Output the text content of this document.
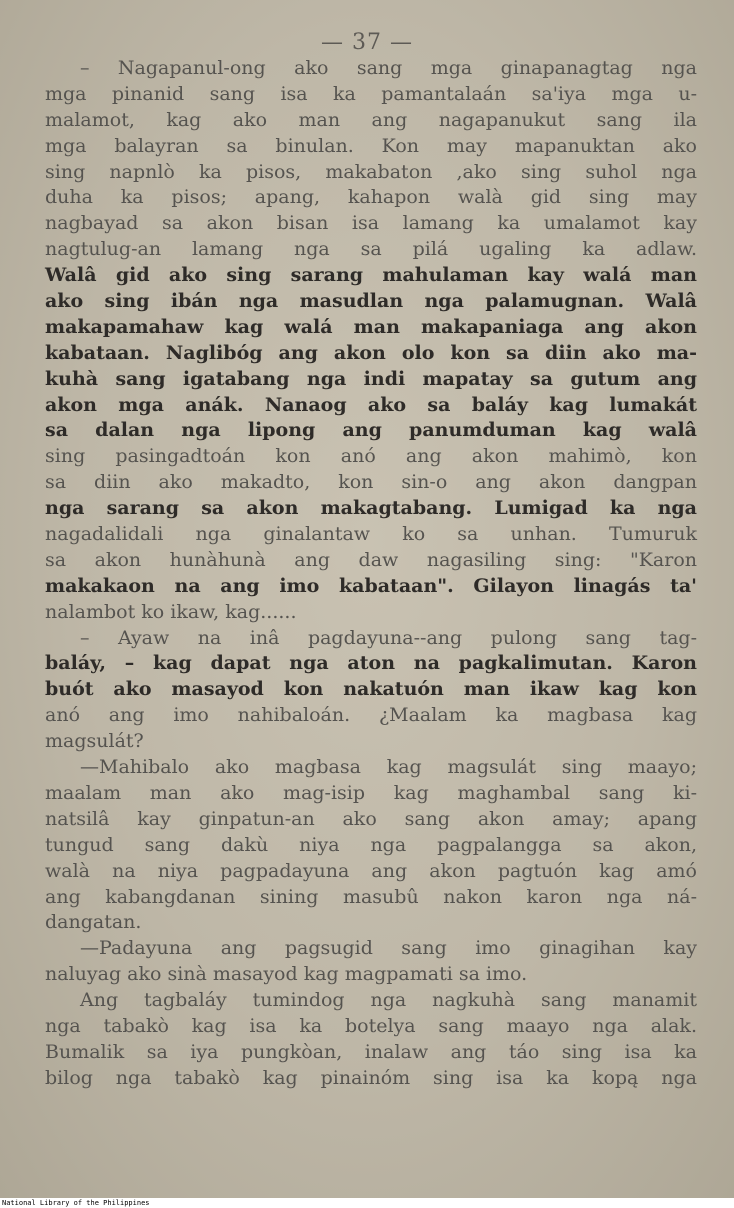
— 37 —
– Nagapanul-ong ako sang mga ginapanagtag nga
mga pinanid sang isa ka pamantalaán sa'iya mga u-
malamot, kag ako man ang nagapanukut sang ila
mga balayran sa binulan. Kon may mapanuktan ako
sing napnlò ka pisos, makabaton ,ako sing suhol nga
duha ka pisos; apang, kahapon walà gid sing may
nagbayad sa akon bisan isa lamang ka umalamot kay
nagtulug-an lamang nga sa pilá ugaling ka adlaw.
Walâ gid ako sing sarang mahulaman kay walá man
ako sing ibán nga masudlan nga palamugnan. Walâ
makapamahaw kag walá man makapaniaga ang akon
kabataan. Naglibóg ang akon olo kon sa diin ako ma-
kuhà sang igatabang nga indi mapatay sa gutum ang
akon mga anák. Nanaog ako sa baláy kag lumakát
sa dalan nga lipong ang panumduman kag walâ
sing pasingadtoán kon anó ang akon mahimò, kon
sa diin ako makadto, kon sin-o ang akon dangpan
nga sarang sa akon makagtabang. Lumigad ka nga
nagadalidali nga ginalantaw ko sa unhan. Tumuruk
sa akon hunàhunà ang daw nagasiling sing: "Karon
makakaon na ang imo kabataan". Gilayon linagás ta'
nalambot ko ikaw, kag......
– Ayaw na inâ pagdayuna--ang pulong sang tag-
baláy, – kag dapat nga aton na pagkalimutan. Karon
buót ako masayod kon nakatuón man ikaw kag kon
anó ang imo nahibaloán. ¿Maalam ka magbasa kag
magsulát?
—Mahibalo ako magbasa kag magsulát sing maayo;
maalam man ako mag-isip kag maghambal sang ki-
natsilâ kay ginpatun-an ako sang akon amay; apang
tungud sang dakù niya nga pagpalangga sa akon,
walà na niya pagpadayuna ang akon pagtuón kag amó
ang kabangdanan sining masubû nakon karon nga ná-
dangatan.
—Padayuna ang pagsugid sang imo ginagihan kay
naluyag ako sinà masayod kag magpamati sa imo.
Ang tagbaláy tumindog nga nagkuhà sang manamit
nga tabakò kag isa ka botelya sang maayo nga alak.
Bumalik sa iya pungkòan, inalaw ang táo sing isa ka
bilog nga tabakò kag pinainóm sing isa ka kopą nga
National Library of the Philippines
